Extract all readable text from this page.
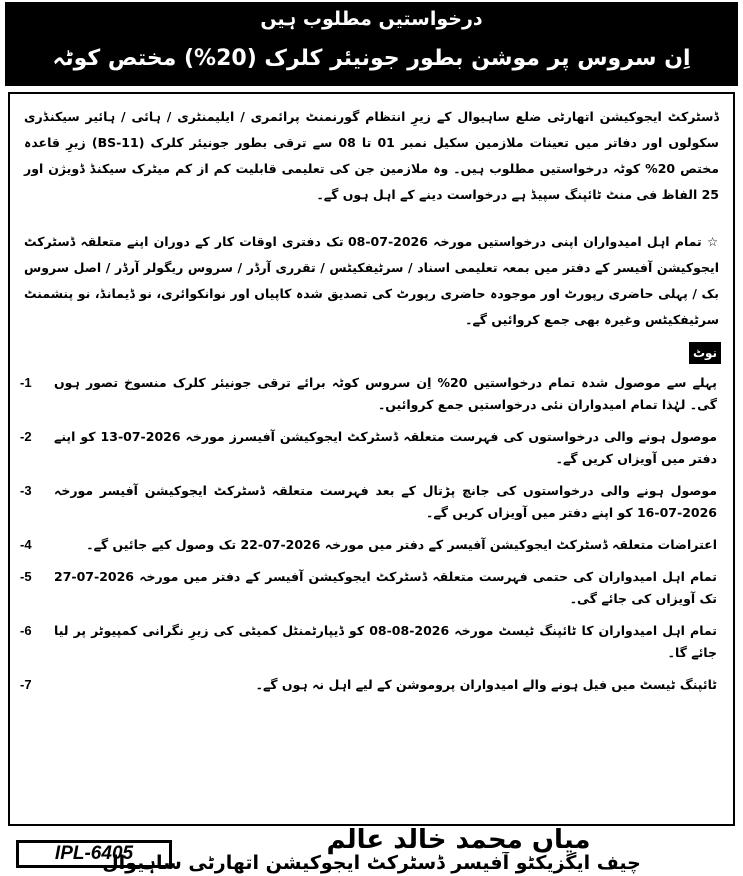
درخواستیں مطلوب ہیں
اِن سروس پر موشن بطور جونیئر کلرک (20%) مختص کوٹہ
ڈسٹرکٹ ایجوکیشن اتھارٹی ضلع ساہیوال کے زیرِ انتظام گورنمنٹ پرائمری / ایلیمنٹری / ہائی / ہائیر سیکنڈری سکولوں اور دفاتر میں تعینات ملازمین سکیل نمبر 01 تا 08 سے ترقی بطور جونیئر کلرک (BS-11) زیرِ قاعدہ مختص 20% کوٹہ درخواستیں مطلوب ہیں۔ وہ ملازمین جن کی تعلیمی قابلیت کم از کم میٹرک سیکنڈ ڈویژن اور 25 الفاظ فی منٹ ٹائپنگ سپیڈ ہے درخواست دینے کے اہل ہوں گے۔
☆ تمام اہل امیدواران اپنی درخواستیں مورخہ 2026-07-08 تک دفتری اوقات کار کے دوران اپنے متعلقہ ڈسٹرکٹ ایجوکیشن آفیسر کے دفتر میں بمعہ تعلیمی اسناد / سرٹیفکیٹس / تقرری آرڈر / سروس ریگولر آرڈر / اصل سروس بک / پہلی حاضری رپورٹ اور موجودہ حاضری رپورٹ کی تصدیق شدہ کاپیاں اور نوانکوائری، نو ڈیمانڈ، نو پنشمنٹ سرٹیفکیٹس وغیرہ بھی جمع کروائیں گے۔
نوٹ
-1 پہلے سے موصول شدہ تمام درخواستیں 20% اِن سروس کوٹہ برائے ترقی جونیئر کلرک منسوخ تصور ہوں گی۔ لہٰذا تمام امیدواران نئی درخواستیں جمع کروائیں۔
-2 موصول ہونے والی درخواستوں کی فہرست متعلقہ ڈسٹرکٹ ایجوکیشن آفیسرز مورخہ 2026-07-13 کو اپنے دفتر میں آویزاں کریں گے۔
-3 موصول ہونے والی درخواستوں کی جانچ پڑتال کے بعد فہرست متعلقہ ڈسٹرکٹ ایجوکیشن آفیسر مورخہ 2026-07-16 کو اپنے دفتر میں آویزاں کریں گے۔
-4	اعتراضات متعلقہ ڈسٹرکٹ ایجوکیشن آفیسر کے دفتر میں مورخہ 2026-07-22 تک وصول کیے جائیں گے۔
-5 تمام اہل امیدواران کی حتمی فہرست متعلقہ ڈسٹرکٹ ایجوکیشن آفیسر کے دفتر میں مورخہ 2026-07-27 تک آویزاں کی جائے گی۔
-6 تمام اہل امیدواران کا ٹائپنگ ٹیسٹ مورخہ 2026-08-08 کو ڈیپارٹمنٹل کمیٹی کی زیرِ نگرانی کمپیوٹر پر لیا جائے گا۔
-7	ٹائپنگ ٹیسٹ میں فیل ہونے والے امیدواران پروموشن کے لیے اہل نہ ہوں گے۔
IPL-6405	میاں محمد خالد عالم
چیف ایگزیکٹو آفیسر ڈسٹرکٹ ایجوکیشن اتھارٹی ساہیوال
